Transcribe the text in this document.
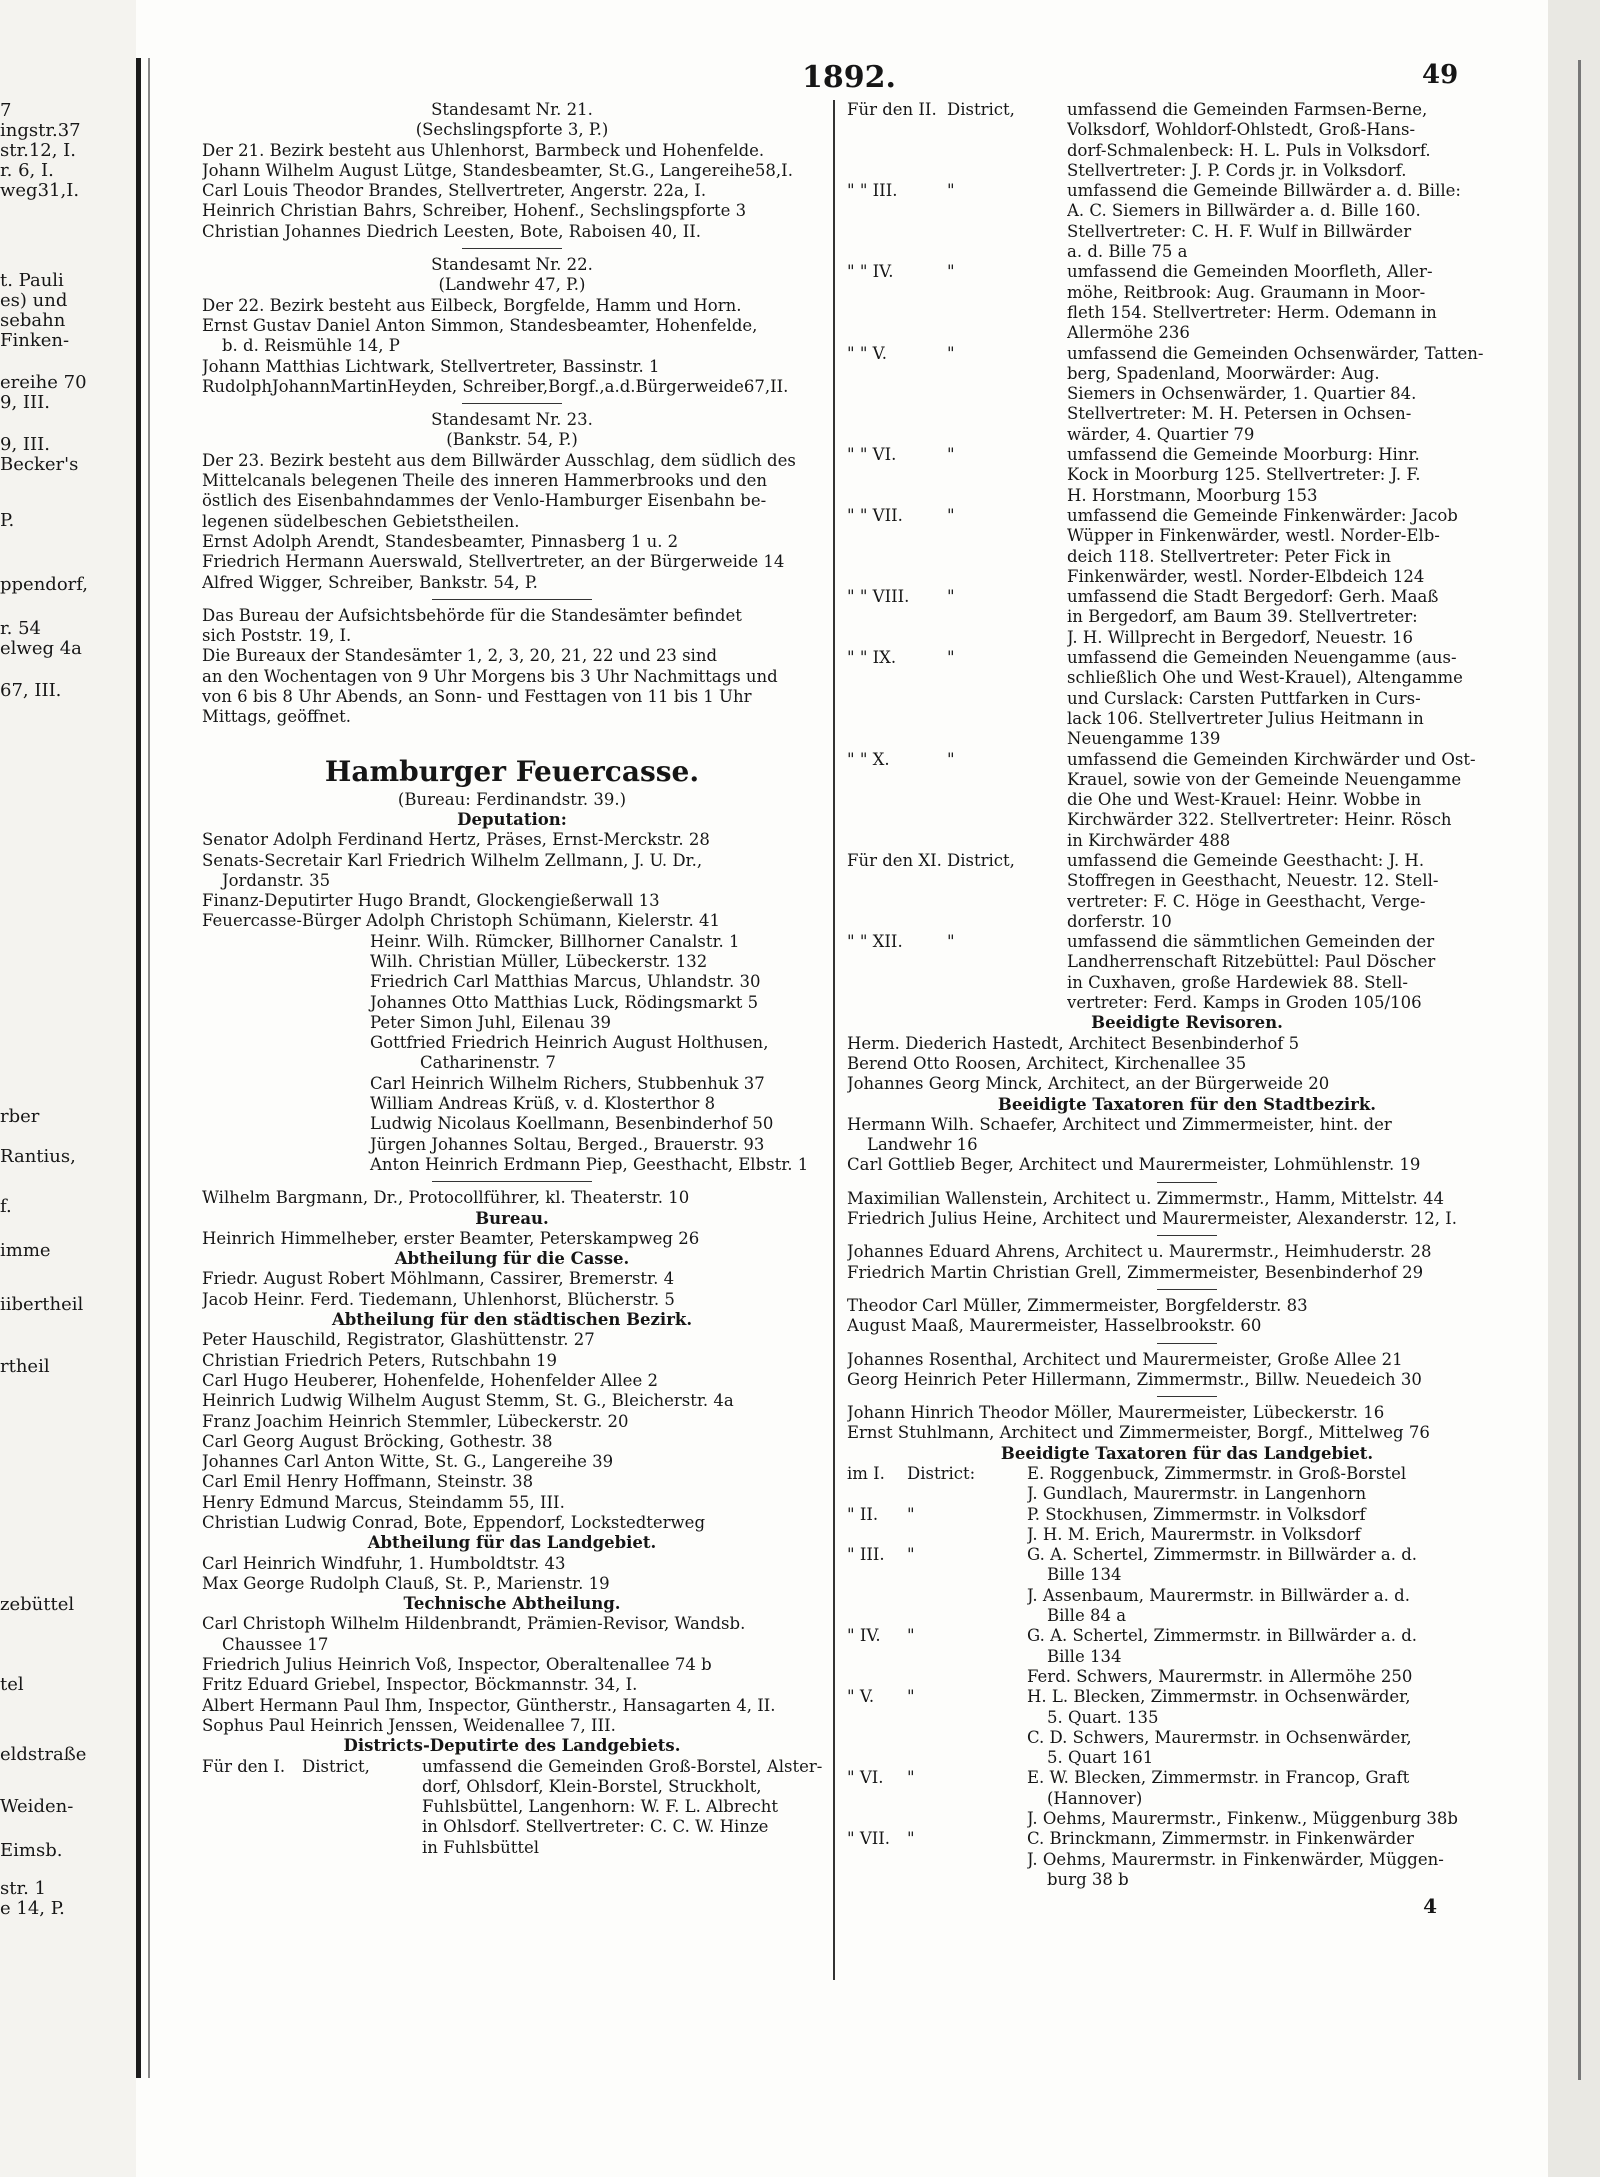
7
ingstr.37
str.12, I.
r. 6, I.
weg31,I.
t. Pauli
es) und
sebahn
Finken-
ereihe 70
9, III.
9, III.
Becker's
P.
ppendorf,
r. 54
elweg 4a
67, III.
rber
Rantius,
f.
imme
iibertheil
rtheil
zebüttel
tel
eldstraße
Weiden-
Eimsb.
str. 1
e 14, P.
1892.	49
Standesamt Nr. 21.
(Sechslingspforte 3, P.)
Der 21. Bezirk besteht aus Uhlenhorst, Barmbeck und Hohenfelde.
Johann Wilhelm August Lütge, Standesbeamter, St.G., Langereihe58,I.
Carl Louis Theodor Brandes, Stellvertreter, Angerstr. 22a, I.
Heinrich Christian Bahrs, Schreiber, Hohenf., Sechslingspforte 3
Christian Johannes Diedrich Leesten, Bote, Raboisen 40, II.
Standesamt Nr. 22.
(Landwehr 47, P.)
Der 22. Bezirk besteht aus Eilbeck, Borgfelde, Hamm und Horn.
Ernst Gustav Daniel Anton Simmon, Standesbeamter, Hohenfelde,
b. d. Reismühle 14, P
Johann Matthias Lichtwark, Stellvertreter, Bassinstr. 1
RudolphJohannMartinHeyden, Schreiber,Borgf.,a.d.Bürgerweide67,II.
Standesamt Nr. 23.
(Bankstr. 54, P.)
Der 23. Bezirk besteht aus dem Billwärder Ausschlag, dem südlich des
Mittelcanals belegenen Theile des inneren Hammerbrooks und den
östlich des Eisenbahndammes der Venlo-Hamburger Eisenbahn be-
legenen südelbeschen Gebietstheilen.
Ernst Adolph Arendt, Standesbeamter, Pinnasberg 1 u. 2
Friedrich Hermann Auerswald, Stellvertreter, an der Bürgerweide 14
Alfred Wigger, Schreiber, Bankstr. 54, P.
Das Bureau der Aufsichtsbehörde für die Standesämter befindet
sich Poststr. 19, I.
Die Bureaux der Standesämter 1, 2, 3, 20, 21, 22 und 23 sind
an den Wochentagen von 9 Uhr Morgens bis 3 Uhr Nachmittags und
von 6 bis 8 Uhr Abends, an Sonn- und Festtagen von 11 bis 1 Uhr
Mittags, geöffnet.
Hamburger Feuercasse.
(Bureau: Ferdinandstr. 39.)
Deputation:
Senator Adolph Ferdinand Hertz, Präses, Ernst-Merckstr. 28
Senats-Secretair Karl Friedrich Wilhelm Zellmann, J. U. Dr.,
Jordanstr. 35
Finanz-Deputirter Hugo Brandt, Glockengießerwall 13
Feuercasse-Bürger Adolph Christoph Schümann, Kielerstr. 41
Heinr. Wilh. Rümcker, Billhorner Canalstr. 1
Wilh. Christian Müller, Lübeckerstr. 132
Friedrich Carl Matthias Marcus, Uhlandstr. 30
Johannes Otto Matthias Luck, Rödingsmarkt 5
Peter Simon Juhl, Eilenau 39
Gottfried Friedrich Heinrich August Holthusen,
Catharinenstr. 7
Carl Heinrich Wilhelm Richers, Stubbenhuk 37
William Andreas Krüß, v. d. Klosterthor 8
Ludwig Nicolaus Koellmann, Besenbinderhof 50
Jürgen Johannes Soltau, Berged., Brauerstr. 93
Anton Heinrich Erdmann Piep, Geesthacht, Elbstr. 1
Wilhelm Bargmann, Dr., Protocollführer, kl. Theaterstr. 10
Bureau.
Heinrich Himmelheber, erster Beamter, Peterskampweg 26
Abtheilung für die Casse.
Friedr. August Robert Möhlmann, Cassirer, Bremerstr. 4
Jacob Heinr. Ferd. Tiedemann, Uhlenhorst, Blücherstr. 5
Abtheilung für den städtischen Bezirk.
Peter Hauschild, Registrator, Glashüttenstr. 27
Christian Friedrich Peters, Rutschbahn 19
Carl Hugo Heuberer, Hohenfelde, Hohenfelder Allee 2
Heinrich Ludwig Wilhelm August Stemm, St. G., Bleicherstr. 4a
Franz Joachim Heinrich Stemmler, Lübeckerstr. 20
Carl Georg August Bröcking, Gothestr. 38
Johannes Carl Anton Witte, St. G., Langereihe 39
Carl Emil Henry Hoffmann, Steinstr. 38
Henry Edmund Marcus, Steindamm 55, III.
Christian Ludwig Conrad, Bote, Eppendorf, Lockstedterweg
Abtheilung für das Landgebiet.
Carl Heinrich Windfuhr, 1. Humboldtstr. 43
Max George Rudolph Clauß, St. P., Marienstr. 19
Technische Abtheilung.
Carl Christoph Wilhelm Hildenbrandt, Prämien-Revisor, Wandsb.
Chaussee 17
Friedrich Julius Heinrich Voß, Inspector, Oberaltenallee 74 b
Fritz Eduard Griebel, Inspector, Böckmannstr. 34, I.
Albert Hermann Paul Ihm, Inspector, Güntherstr., Hansagarten 4, II.
Sophus Paul Heinrich Jenssen, Weidenallee 7, III.
Districts-Deputirte des Landgebiets.
Für den I.	District,	umfassend die Gemeinden Groß-Borstel, Alster-
dorf, Ohlsdorf, Klein-Borstel, Struckholt,
Fuhlsbüttel, Langenhorn: W. F. L. Albrecht
in Ohlsdorf. Stellvertreter: C. C. W. Hinze
in Fuhlsbüttel
Für den II. District,	umfassend die Gemeinden Farmsen-Berne,
Volksdorf, Wohldorf-Ohlstedt, Groß-Hans-
dorf-Schmalenbeck: H. L. Puls in Volksdorf.
Stellvertreter: J. P. Cords jr. in Volksdorf.
" " III.	"	umfassend die Gemeinde Billwärder a. d. Bille:
A. C. Siemers in Billwärder a. d. Bille 160.
Stellvertreter: C. H. F. Wulf in Billwärder
a. d. Bille 75 a
" " IV.	"	umfassend die Gemeinden Moorfleth, Aller-
möhe, Reitbrook: Aug. Graumann in Moor-
fleth 154. Stellvertreter: Herm. Odemann in
Allermöhe 236
" " V.	"	umfassend die Gemeinden Ochsenwärder, Tatten-
berg, Spadenland, Moorwärder: Aug.
Siemers in Ochsenwärder, 1. Quartier 84.
Stellvertreter: M. H. Petersen in Ochsen-
wärder, 4. Quartier 79
" " VI.	"	umfassend die Gemeinde Moorburg: Hinr.
Kock in Moorburg 125. Stellvertreter: J. F.
H. Horstmann, Moorburg 153
" " VII.	"	umfassend die Gemeinde Finkenwärder: Jacob
Wüpper in Finkenwärder, westl. Norder-Elb-
deich 118. Stellvertreter: Peter Fick in
Finkenwärder, westl. Norder-Elbdeich 124
" " VIII.	"	umfassend die Stadt Bergedorf: Gerh. Maaß
in Bergedorf, am Baum 39. Stellvertreter:
J. H. Willprecht in Bergedorf, Neuestr. 16
" " IX.	"	umfassend die Gemeinden Neuengamme (aus-
schließlich Ohe und West-Krauel), Altengamme
und Curslack: Carsten Puttfarken in Curs-
lack 106. Stellvertreter Julius Heitmann in
Neuengamme 139
" " X.	"	umfassend die Gemeinden Kirchwärder und Ost-
Krauel, sowie von der Gemeinde Neuengamme
die Ohe und West-Krauel: Heinr. Wobbe in
Kirchwärder 322. Stellvertreter: Heinr. Rösch
in Kirchwärder 488
Für den XI. District,	umfassend die Gemeinde Geesthacht: J. H.
Stoffregen in Geesthacht, Neuestr. 12. Stell-
vertreter: F. C. Höge in Geesthacht, Verge-
dorferstr. 10
" " XII.	"	umfassend die sämmtlichen Gemeinden der
Landherrenschaft Ritzebüttel: Paul Döscher
in Cuxhaven, große Hardewiek 88. Stell-
vertreter: Ferd. Kamps in Groden 105/106
Beeidigte Revisoren.
Herm. Diederich Hastedt, Architect Besenbinderhof 5
Berend Otto Roosen, Architect, Kirchenallee 35
Johannes Georg Minck, Architect, an der Bürgerweide 20
Beeidigte Taxatoren für den Stadtbezirk.
Hermann Wilh. Schaefer, Architect und Zimmermeister, hint. der
Landwehr 16
Carl Gottlieb Beger, Architect und Maurermeister, Lohmühlenstr. 19
Maximilian Wallenstein, Architect u. Zimmermstr., Hamm, Mittelstr. 44
Friedrich Julius Heine, Architect und Maurermeister, Alexanderstr. 12, I.
Johannes Eduard Ahrens, Architect u. Maurermstr., Heimhuderstr. 28
Friedrich Martin Christian Grell, Zimmermeister, Besenbinderhof 29
Theodor Carl Müller, Zimmermeister, Borgfelderstr. 83
August Maaß, Maurermeister, Hasselbrookstr. 60
Johannes Rosenthal, Architect und Maurermeister, Große Allee 21
Georg Heinrich Peter Hillermann, Zimmermstr., Billw. Neuedeich 30
Johann Hinrich Theodor Möller, Maurermeister, Lübeckerstr. 16
Ernst Stuhlmann, Architect und Zimmermeister, Borgf., Mittelweg 76
Beeidigte Taxatoren für das Landgebiet.
im I.	District:	E. Roggenbuck, Zimmermstr. in Groß-Borstel
J. Gundlach, Maurermstr. in Langenhorn
" II.	"	P. Stockhusen, Zimmermstr. in Volksdorf
J. H. M. Erich, Maurermstr. in Volksdorf
" III.	"	G. A. Schertel, Zimmermstr. in Billwärder a. d.
Bille 134
J. Assenbaum, Maurermstr. in Billwärder a. d.
Bille 84 a
" IV.	"	G. A. Schertel, Zimmermstr. in Billwärder a. d.
Bille 134
Ferd. Schwers, Maurermstr. in Allermöhe 250
" V.	"	H. L. Blecken, Zimmermstr. in Ochsenwärder,
5. Quart. 135
C. D. Schwers, Maurermstr. in Ochsenwärder,
5. Quart 161
" VI.	"	E. W. Blecken, Zimmermstr. in Francop, Graft
(Hannover)
J. Oehms, Maurermstr., Finkenw., Müggenburg 38b
" VII.	"	C. Brinckmann, Zimmermstr. in Finkenwärder
J. Oehms, Maurermstr. in Finkenwärder, Müggen-
burg 38 b
4
